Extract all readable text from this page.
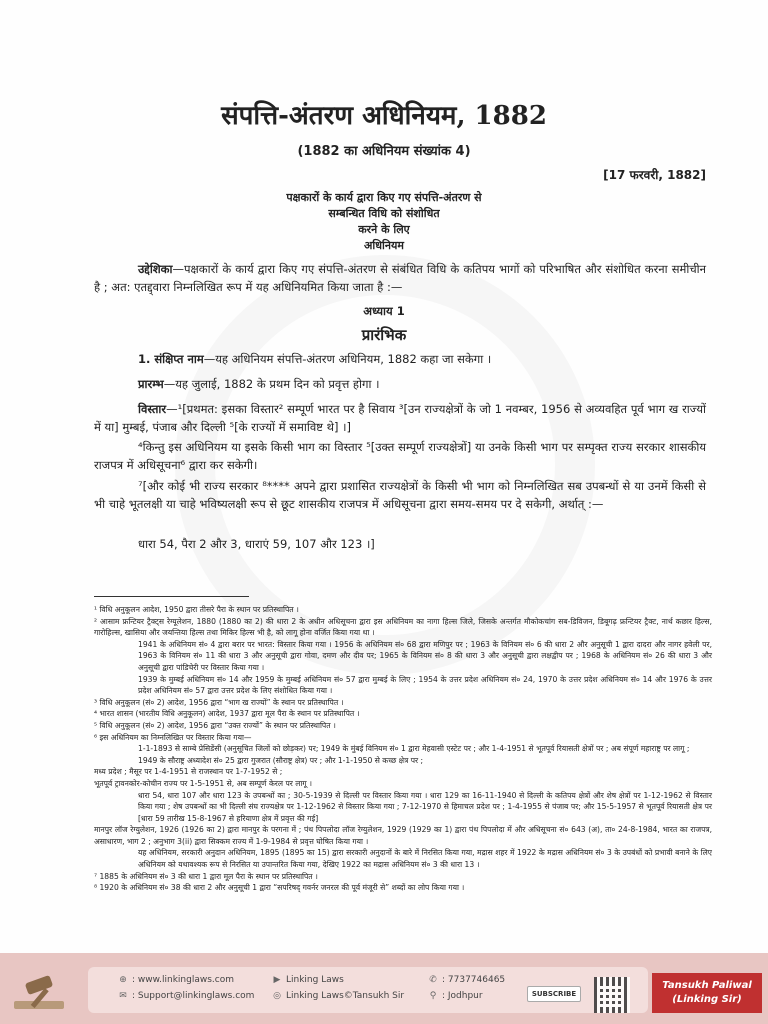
संपत्ति-अंतरण अधिनियम, 1882
(1882 का अधिनियम संख्यांक 4)
[17 फरवरी, 1882]
पक्षकारों के कार्य द्वारा किए गए संपत्ति-अंतरण से
सम्बन्धित विधि को संशोधित
करने के लिए
अधिनियम
उद्देशिका—पक्षकारों के कार्य द्वारा किए गए संपत्ति-अंतरण से संबंधित विधि के कतिपय भागों को परिभाषित और संशोधित करना समीचीन है ; अत: एतद्द्वारा निम्नलिखित रूप में यह अधिनियमित किया जाता है :—
अध्याय 1
प्रारंभिक
1. संक्षिप्त नाम—यह अधिनियम संपत्ति-अंतरण अधिनियम, 1882 कहा जा सकेगा ।
प्रारम्भ—यह जुलाई, 1882 के प्रथम दिन को प्रवृत्त होगा ।
विस्तार—¹[प्रथमत: इसका विस्तार² सम्पूर्ण भारत पर है सिवाय ³[उन राज्यक्षेत्रों के जो 1 नवम्बर, 1956 से अव्यवहित पूर्व भाग ख राज्यों में या] मुम्बई, पंजाब और दिल्ली ⁵[के राज्यों में समाविष्ट थे] ।]
⁴किन्तु इस अधिनियम या इसके किसी भाग का विस्तार ⁵[उक्त सम्पूर्ण राज्यक्षेत्रों] या उनके किसी भाग पर सम्पृक्त राज्य सरकार शासकीय राजपत्र में अधिसूचना⁶ द्वारा कर सकेगी।
⁷[और कोई भी राज्य सरकार ⁸**** अपने द्वारा प्रशासित राज्यक्षेत्रों के किसी भी भाग को निम्नलिखित सब उपबन्धों से या उनमें किसी से भी चाहे भूतलक्षी या चाहे भविष्यलक्षी रूप से छूट शासकीय राजपत्र में अधिसूचना द्वारा समय-समय पर दे सकेगी, अर्थात् :—
धारा 54, पैरा 2 और 3, धाराएं 59, 107 और 123 ।]

¹ विधि अनुकूलन आदेश, 1950 द्वारा तीसरे पैरा के स्थान पर प्रतिस्थापित ।

² आसाम फ्रन्टियर ट्रैक्ट्स रेग्यूलेशन, 1880 (1880 का 2) की धारा 2 के अधीन अधिसूचना द्वारा इस अधिनियम का नागा हिल्स जिले, जिसके अन्तर्गत मौकोकचांग सब-डिविजन, डिबूगढ़ फ्रन्टियर ट्रैक्ट, नार्थ कछार हिल्स, गारोहिल्स, खासिया और जयन्तिया हिल्स तथा मिकिर हिल्स भी है, को लागू होना वर्जित किया गया था ।

1941 के अधिनियम सं० 4 द्वारा बरार पर भारत: विस्तार किया गया । 1956 के अधिनियम सं० 68 द्वारा मणिपुर पर ; 1963 के विनियम सं० 6 की धारा 2 और अनुसूची 1 द्वारा दादरा और नागर हवेली पर, 1963 के विनियम सं० 11 की धारा 3 और अनुसूची द्वारा गोवा, दमण और दीव पर; 1965 के विनियम सं० 8 की धारा 3 और अनुसूची द्वारा लक्षद्वीप पर ; 1968 के अधिनियम सं० 26 की धारा 3 और अनुसूची द्वारा पांडिचेरी पर विस्तार किया गया ।

1939 के मुम्बई अधिनियम सं० 14 और 1959 के मुम्बई अधिनियम सं० 57 द्वारा मुम्बई के लिए ; 1954 के उत्तर प्रदेश अधिनियम सं० 24, 1970 के उत्तर प्रदेश अधिनियम सं० 14 और 1976 के उत्तर प्रदेश अधिनियम सं० 57 द्वारा उत्तर प्रदेश के लिए संशोधित किया गया ।

³ विधि अनुकूलन (सं० 2) आदेश, 1956 द्वारा “भाग ख राज्यों” के स्थान पर प्रतिस्थापित ।

⁴ भारत शासन (भारतीय विधि अनुकूलन) आदेश, 1937 द्वारा मूल पैरा के स्थान पर प्रतिस्थापित ।

⁵ विधि अनुकूलन (सं० 2) आदेश, 1956 द्वारा “उक्त राज्यों” के स्थान पर प्रतिस्थापित ।

⁶ इस अधिनियम का निम्नलिखित पर विस्तार किया गया—

1-1-1893 से साम्बे प्रेसिडेंसी (अनुसूचित जिलों को छोड़कर) पर; 1949 के मुंबई विनियम सं० 1 द्वारा मेहवासी एस्टेट पर ; और 1-4-1951 से भूतपूर्व रियासती क्षेत्रों पर ; अब संपूर्ण महाराष्ट्र पर लागू ;

1949 के सौराष्ट्र अध्यादेश सं० 25 द्वारा गुजरात (सौराष्ट्र क्षेत्र) पर ; और 1-1-1950 से कच्छ क्षेत्र पर ;

मध्य प्रदेश ; मैसूर पर 1-4-1951 से राजस्थान पर 1-7-1952 से ;

भूतपूर्व ट्रावनकोर-कोचीन राज्य पर 1-5-1951 से, अब सम्पूर्ण केरल पर लागू ।

धारा 54, धारा 107 और धारा 123 के उपबन्धों का ; 30-5-1939 से दिल्ली पर विस्तार किया गया । धारा 129 का 16-11-1940 से दिल्ली के कतिपय क्षेत्रों और शेष क्षेत्रों पर 1-12-1962 से विस्तार किया गया ; शेष उपबन्धों का भी दिल्ली संघ राज्यक्षेत्र पर 1-12-1962 से विस्तार किया गया ; 7-12-1970 से हिमाचल प्रदेश पर ; 1-4-1955 से पंजाब पर; और 15-5-1957 से भूतपूर्व रियासती क्षेत्र पर [धारा 59 तारीख 15-8-1967 से हरियाणा क्षेत्र में प्रवृत्त की गई]

मानपुर लॉज रेग्युलेशन, 1926 (1926 का 2) द्वारा मानपुर के परगना में ; पंथ पिपलोदा लॉज रेग्युलेशन, 1929 (1929 का 1) द्वारा पंथ पिपलोदा में और अधिसूचना सं० 643 (अ), ता० 24-8-1984, भारत का राजपत्र, असाधारण, भाग 2 ; अनुभाग 3(ii) द्वारा सिक्कम राज्य में 1-9-1984 से प्रवृत्त घोषित किया गया ।

यह अधिनियम, सरकारी अनुदान अधिनियम, 1895 (1895 का 15) द्वारा सरकारी अनुदानों के बारे में निरसित किया गया, मद्रास शहर में 1922 के मद्रास अधिनियम सं० 3 के उपबंधों को प्रभावी बनाने के लिए अधिनियम को यथावश्यक रूप से निरसित या उपान्तरित किया गया, देखिए 1922 का मद्रास अधिनियम सं० 3 की धारा 13 ।

⁷ 1885 के अधिनियम सं० 3 की धारा 1 द्वारा मूल पैरा के स्थान पर प्रतिस्थापित ।

⁸ 1920 के अधिनियम सं० 38 की धारा 2 और अनुसूची 1 द्वारा “सपरिषद् गवर्नर जनरल की पूर्व मंजूरी से” शब्दों का लोप किया गया ।

⊕ : www.linkinglaws.com
✉ : Support@linkinglaws.com
▶ Linking Laws
◎ Linking Laws©Tansukh Sir
✆ : 7737746465
⚲ : Jodhpur	SUBSCRIBE
Tansukh Paliwal
(Linking Sir)
